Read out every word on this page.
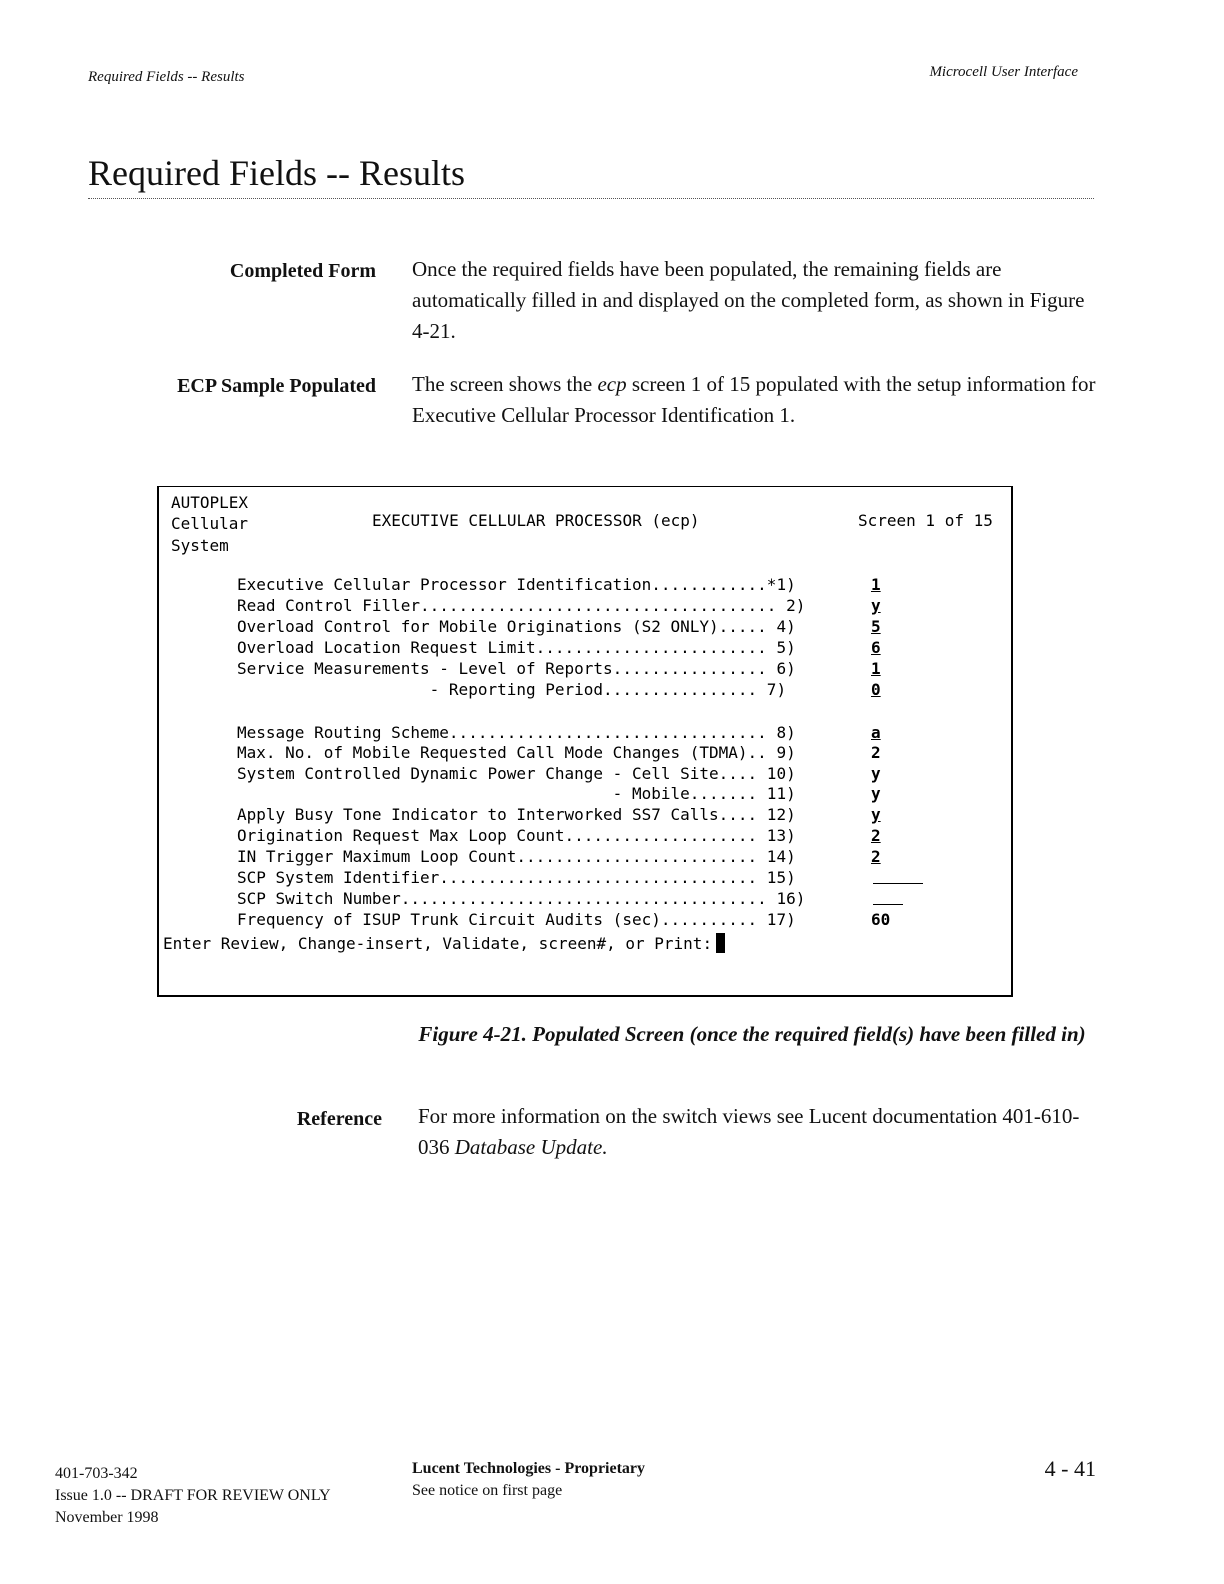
Required Fields -- Results	Microcell User Interface
Required Fields -- Results
Completed Form Once the required fields have been populated, the remaining fields are automatically filled in and displayed on the completed form, as shown in Figure 4-21.
ECP Sample Populated The screen shows the ecp screen 1 of 15 populated with the setup information for Executive Cellular Processor Identification 1.
AUTOPLEX
Cellular
System
EXECUTIVE CELLULAR PROCESSOR (ecp)	Screen 1 of 15
Executive Cellular Processor Identification............*1)
Read Control Filler..................................... 2)
Overload Control for Mobile Originations (S2 ONLY)..... 4)
Overload Location Request Limit........................ 5)
Service Measurements - Level of Reports................ 6)
- Reporting Period................ 7)
Message Routing Scheme................................. 8)
Max. No. of Mobile Requested Call Mode Changes (TDMA).. 9)
System Controlled Dynamic Power Change - Cell Site.... 10)
- Mobile....... 11)
Apply Busy Tone Indicator to Interworked SS7 Calls.... 12)
Origination Request Max Loop Count.................... 13)
IN Trigger Maximum Loop Count......................... 14)
SCP System Identifier................................. 15)
SCP Switch Number...................................... 16)
Frequency of ISUP Trunk Circuit Audits (sec).......... 17)
1
y
5
6
1
0
a
2
y
y
y
2
2
60
Enter Review, Change-insert, Validate, screen#, or Print:
Figure 4-21. Populated Screen (once the required field(s) have been filled in)
Reference For more information on the switch views see Lucent documentation 401-610-036 Database Update.
401-703-342
Issue 1.0 -- DRAFT FOR REVIEW ONLY
November 1998
Lucent Technologies - Proprietary
See notice on first page
4 - 41
